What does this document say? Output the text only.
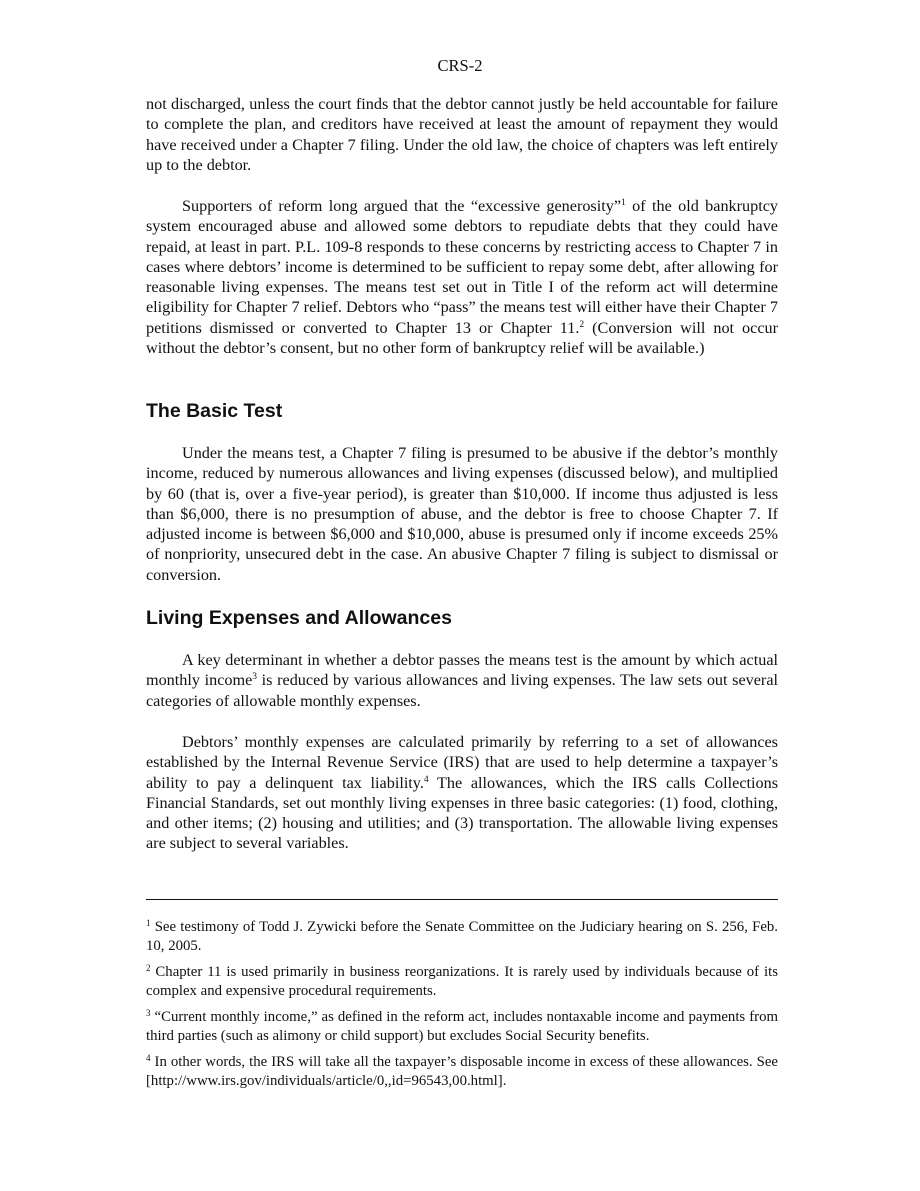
CRS-2

not discharged, unless the court finds that the debtor cannot justly be held accountable for failure to complete the plan, and creditors have received at least the amount of repayment they would have received under a Chapter 7 filing. Under the old law, the choice of chapters was left entirely up to the debtor.

Supporters of reform long argued that the “excessive generosity”$^1$ of the old bankruptcy system encouraged abuse and allowed some debtors to repudiate debts that they could have repaid, at least in part. P.L. 109-8 responds to these concerns by restricting access to Chapter 7 in cases where debtors’ income is determined to be sufficient to repay some debt, after allowing for reasonable living expenses. The means test set out in Title I of the reform act will determine eligibility for Chapter 7 relief. Debtors who “pass” the means test will either have their Chapter 7 petitions dismissed or converted to Chapter 13 or Chapter 11.$^2$ (Conversion will not occur without the debtor’s consent, but no other form of bankruptcy relief will be available.)

The Basic Test

Under the means test, a Chapter 7 filing is presumed to be abusive if the debtor’s monthly income, reduced by numerous allowances and living expenses (discussed below), and multiplied by 60 (that is, over a five-year period), is greater than $10,000. If income thus adjusted is less than $6,000, there is no presumption of abuse, and the debtor is free to choose Chapter 7. If adjusted income is between $6,000 and $10,000, abuse is presumed only if income exceeds 25% of nonpriority, unsecured debt in the case. An abusive Chapter 7 filing is subject to dismissal or conversion.

Living Expenses and Allowances

A key determinant in whether a debtor passes the means test is the amount by which actual monthly income$^3$ is reduced by various allowances and living expenses. The law sets out several categories of allowable monthly expenses.

Debtors’ monthly expenses are calculated primarily by referring to a set of allowances established by the Internal Revenue Service (IRS) that are used to help determine a taxpayer’s ability to pay a delinquent tax liability.$^4$ The allowances, which the IRS calls Collections Financial Standards, set out monthly living expenses in three basic categories: (1) food, clothing, and other items; (2) housing and utilities; and (3) transportation. The allowable living expenses are subject to several variables.

$^1$ See testimony of Todd J. Zywicki before the Senate Committee on the Judiciary hearing on S. 256, Feb. 10, 2005.

$^2$ Chapter 11 is used primarily in business reorganizations. It is rarely used by individuals because of its complex and expensive procedural requirements.

$^3$ “Current monthly income,” as defined in the reform act, includes nontaxable income and payments from third parties (such as alimony or child support) but excludes Social Security benefits.

$^4$ In other words, the IRS will take all the taxpayer’s disposable income in excess of these allowances. See [http://www.irs.gov/individuals/article/0,,id=96543,00.html].
